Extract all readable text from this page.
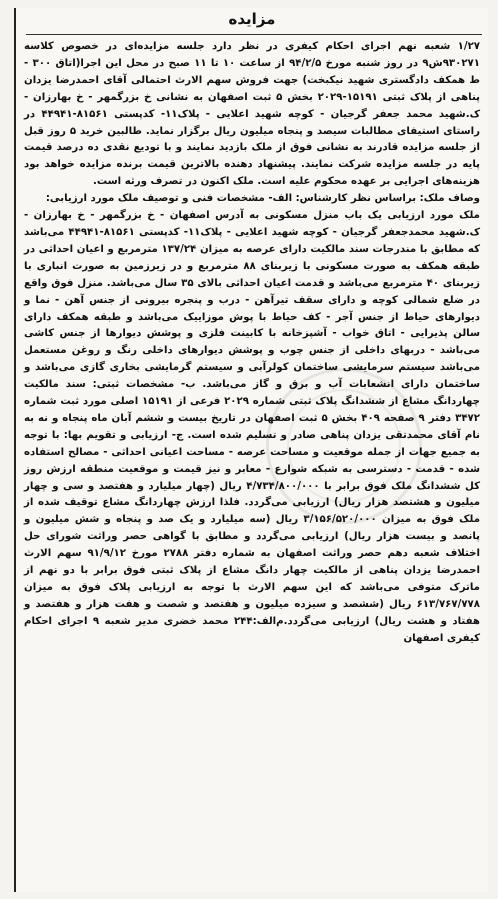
مزایده

۱/۲۷ شعبه نهم اجرای احکام کیفری در نظر دارد جلسه مزایده‌ای در خصوص کلاسه ۹۳۰۲۷۱ش۹ در روز شنبه مورخ ۹۴/۲/۵ از ساعت ۱۰ تا ۱۱ صبح در محل این اجرا(اتاق ۳۰۰ - ط همکف دادگستری شهید نیکبخت) جهت فروش سهم الارث احتمالی آقای احمدرضا یزدان پناهی از پلاک ثبتی ۱۵۱۹۱-۲۰۲۹ بخش ۵ ثبت اصفهان به نشانی خ بزرگمهر - خ بهارزان - ک.شهید محمد جعفر گرجیان - کوچه شهید اعلایی - پلاک۱۱- کدپستی ۸۱۵۶۱-۴۴۹۴۱ در راستای استیفای مطالبات سیصد و پنجاه میلیون ریال برگزار نماید. طالبین خرید ۵ روز قبل از جلسه مزایده قادرند به نشانی فوق از ملک بازدید نمایند و با تودیع نقدی ده درصد قیمت پایه در جلسه مزایده شرکت نمایند. پیشنهاد دهنده بالاترین قیمت برنده مزایده خواهد بود هزینه‌های اجرایی بر عهده محکوم علیه است. ملک اکنون در تصرف ورثه است.

وصاف ملک: براساس نظر کارشناس: الف- مشخصات فنی و توصیف ملک مورد ارزیابی:

ملک مورد ارزیابی یک باب منزل مسکونی به آدرس اصفهان - خ بزرگمهر - خ بهارزان - ک.شهید محمدجعفر گرجیان - کوچه شهید اعلایی - پلاک۱۱- کدپستی ۸۱۵۶۱-۴۴۹۴۱ می‌باشد که مطابق با مندرجات سند مالکیت دارای عرصه به میزان ۱۳۷/۲۴ مترمربع و اعیان احداثی در طبقه همکف به صورت مسکونی با زیربنای ۸۸ مترمربع و در زیرزمین به صورت انباری با زیربنای ۴۰ مترمربع می‌باشد و قدمت اعیان احداثی بالای ۳۵ سال می‌باشد. منزل فوق واقع در ضلع شمالی کوچه و دارای سقف تیرآهن - درب و پنجره بیرونی از جنس آهن - نما و دیوارهای حیاط از جنس آجر - کف حیاط با پوش موزاییک می‌باشد و طبقه همکف دارای سالن پذیرایی - اتاق خواب - آشپزخانه با کابینت فلزی و پوشش دیوارها از جنس کاشی می‌باشد - دربهای داخلی از جنس چوب و پوشش دیوارهای داخلی رنگ و روغن مستعمل می‌باشد سیستم سرمایشی ساختمان کولرآبی و سیستم گرمایشی بخاری گازی می‌باشد و ساختمان دارای انشعابات آب و برق و گاز می‌باشد. ب- مشخصات ثبتی: سند مالکیت چهاردانگ مشاع از ششدانگ پلاک ثبتی شماره ۲۰۲۹ فرعی از ۱۵۱۹۱ اصلی مورد ثبت شماره ۳۴۷۲ دفتر ۹ صفحه ۴۰۹ بخش ۵ ثبت اصفهان در تاریخ بیست و ششم آبان ماه پنجاه و نه به نام آقای محمدتقی یزدان پناهی صادر و تسلیم شده است. ج- ارزیابی و تقویم بها: با توجه به جمیع جهات از جمله موقعیت و مساحت عرصه - مساحت اعیانی احداثی - مصالح استفاده شده - قدمت - دسترسی به شبکه شوارع - معابر و نیز قیمت و موقعیت منطقه ارزش روز کل ششدانگ ملک فوق برابر با ۴/۷۳۴/۸۰۰/۰۰۰ ریال (چهار میلیارد و هفتصد و سی و چهار میلیون و هشتصد هزار ریال) ارزیابی می‌گردد. فلذا ارزش چهاردانگ مشاع توقیف شده از ملک فوق به میزان ۳/۱۵۶/۵۲۰/۰۰۰ ریال (سه میلیارد و یک صد و پنجاه و شش میلیون و پانصد و بیست هزار ریال) ارزیابی می‌گردد و مطابق با گواهی حصر وراثت شورای حل اختلاف شعبه دهم حصر وراثت اصفهان به شماره دفتر ۲۷۸۸ مورخ ۹۱/۹/۱۲ سهم الارث احمدرضا یزدان پناهی از مالکیت چهار دانگ مشاع از پلاک ثبتی فوق برابر با دو نهم از ماترک متوفی می‌باشد که این سهم الارث با توجه به ارزیابی پلاک فوق به میزان ۶۱۳/۷۶۷/۷۷۸ ریال (ششصد و سیزده میلیون و هفتصد و شصت و هفت هزار و هفتصد و هفتاد و هشت ریال) ارزیابی می‌گردد.م‌الف:۲۴۴ محمد خضری مدیر شعبه ۹ اجرای احکام کیفری اصفهان
